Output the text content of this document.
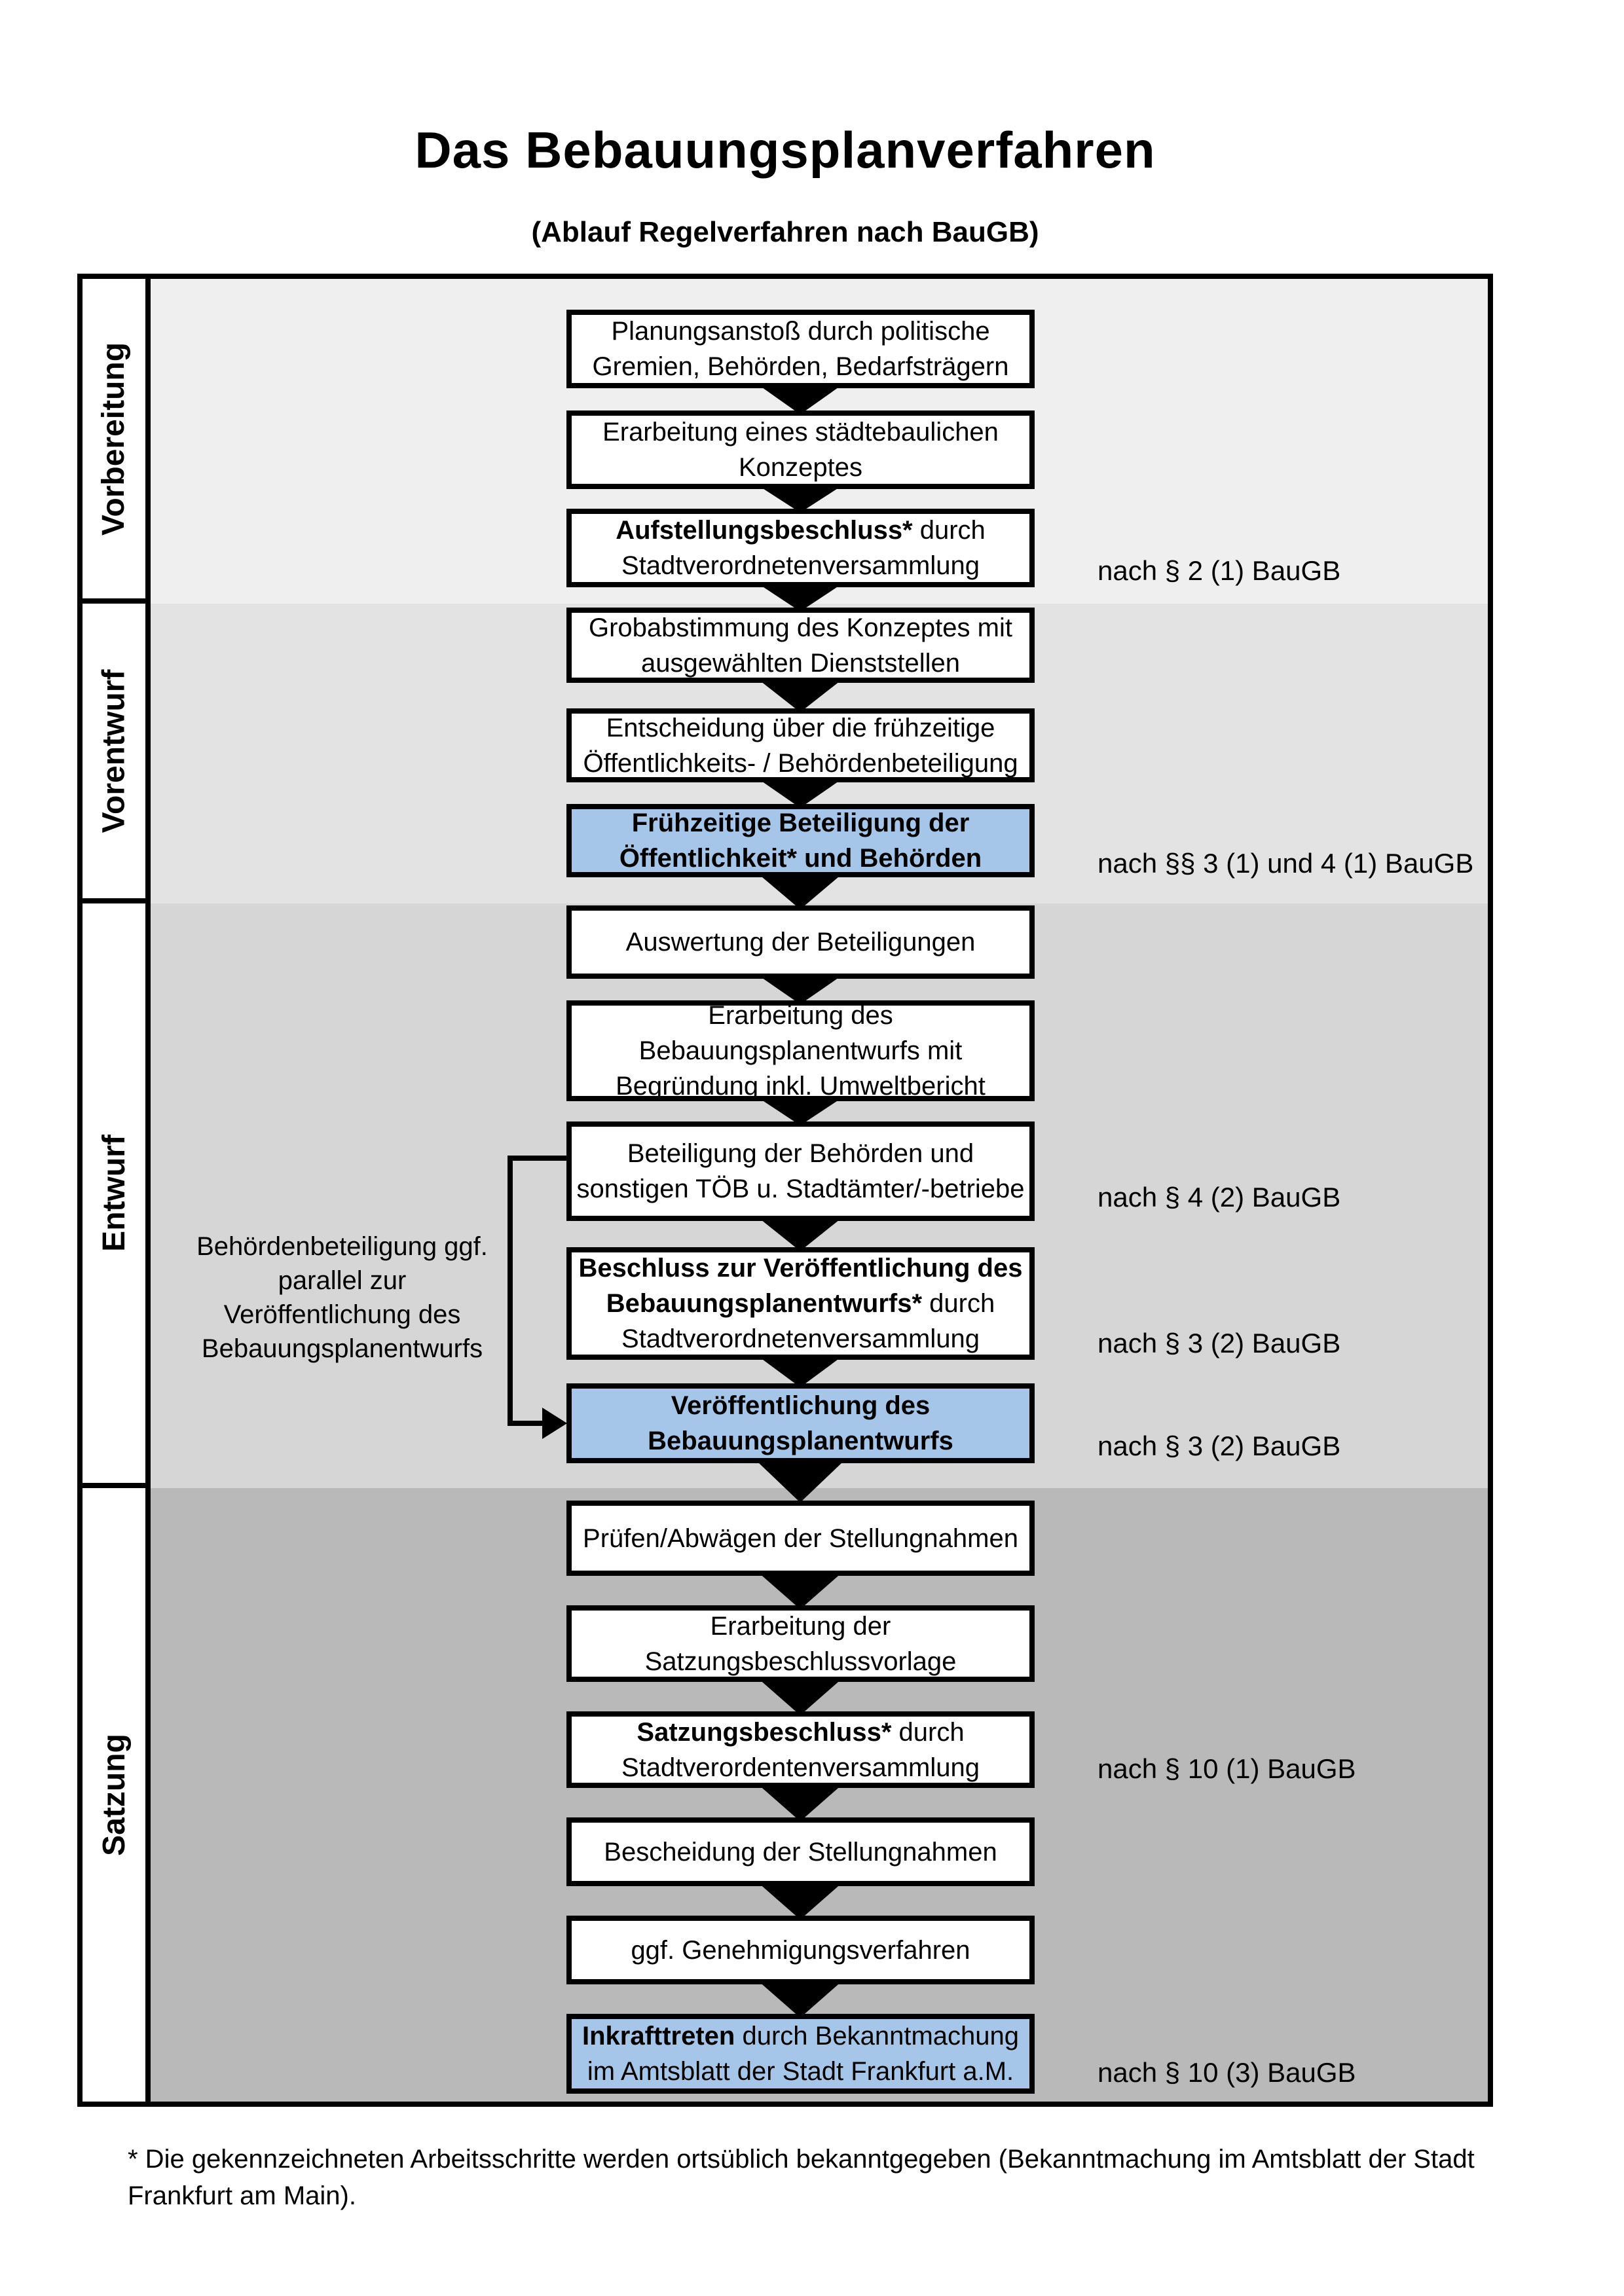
Das Bebauungsplanverfahren
(Ablauf Regelverfahren nach BauGB)
Vorbereitung
Vorentwurf
Entwurf
Satzung
Planungsanstoß durch politische
Gremien, Behörden, Bedarfsträgern
Erarbeitung eines städtebaulichen
Konzeptes
Aufstellungsbeschluss* durch
Stadtverordnetenversammlung	nach § 2 (1) BauGB
Grobabstimmung des Konzeptes mit
ausgewählten Dienststellen
Entscheidung über die frühzeitige
Öffentlichkeits- / Behördenbeteiligung
Frühzeitige Beteiligung der
Öffentlichkeit* und Behörden	nach §§ 3 (1) und 4 (1) BauGB
Auswertung der Beteiligungen
Erarbeitung des
Bebauungsplanentwurfs mit
Begründung inkl. Umweltbericht
Beteiligung der Behörden und
sonstigen TÖB u. Stadtämter/-betriebe	nach § 4 (2) BauGB
Beschluss zur Veröffentlichung des
Bebauungsplanentwurfs* durch
Stadtverordnetenversammlung	nach § 3 (2) BauGB
Veröffentlichung des
Bebauungsplanentwurfs	nach § 3 (2) BauGB
Behördenbeteiligung ggf. parallel zur Veröffentlichung des Bebauungsplanentwurfs
Prüfen/Abwägen der Stellungnahmen
Erarbeitung der
Satzungsbeschlussvorlage
Satzungsbeschluss* durch
Stadtverordentenversammlung	nach § 10 (1) BauGB
Bescheidung der Stellungnahmen
ggf. Genehmigungsverfahren
Inkrafttreten durch Bekanntmachung
im Amtsblatt der Stadt Frankfurt a.M.	nach § 10 (3) BauGB
* Die gekennzeichneten Arbeitsschritte werden ortsüblich bekanntgegeben (Bekanntmachung im Amtsblatt der Stadt Frankfurt am Main).
